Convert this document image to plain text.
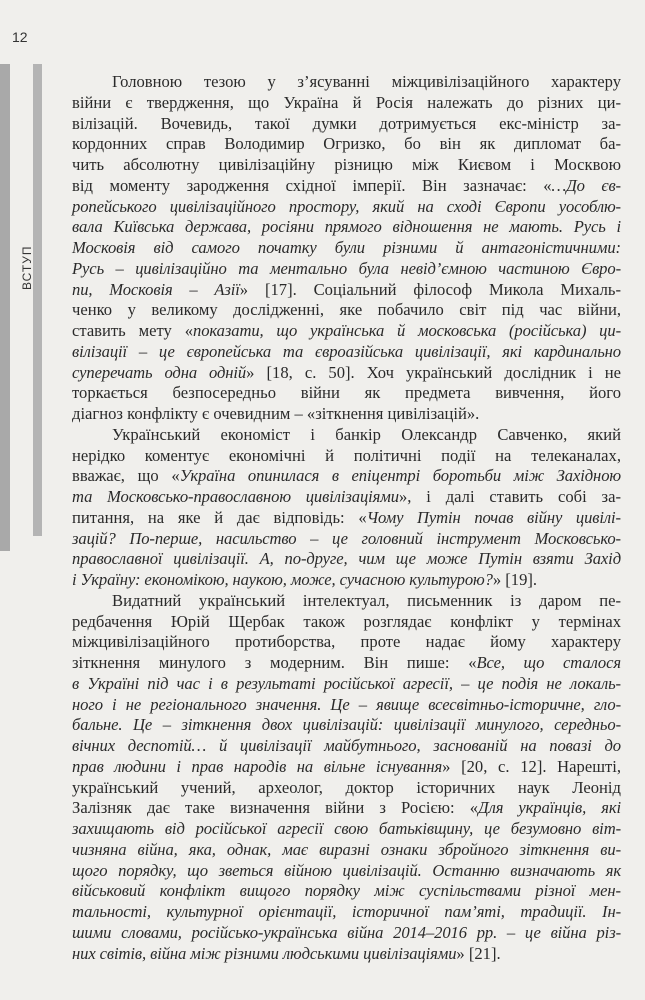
12
ВСТУП
Головною тезою у з’ясуванні міжцивілізаційного характеру
війни є твердження, що Україна й Росія належать до різних ци-
вілізацій. Вочевидь, такої думки дотримується екс-міністр за-
кордонних справ Володимир Огризко, бо він як дипломат ба-
чить абсолютну цивілізаційну різницю між Києвом і Москвою
від моменту зародження східної імперії. Він зазначає: «…До єв-
ропейського цивілізаційного простору, який на сході Європи уособлю-
вала Київська держава, росіяни прямого відношення не мають. Русь і
Московія від самого початку були різними й антагоністичними:
Русь – цивілізаційно та ментально була невід’ємною частиною Євро-
пи, Московія – Азії» [17]. Соціальний філософ Микола Михаль-
ченко у великому дослідженні, яке побачило світ під час війни,
ставить мету «показати, що українська й московська (російська) ци-
вілізації – це європейська та євроазійська цивілізації, які кардинально
суперечать одна одній» [18, с. 50]. Хоч український дослідник і не
торкається безпосередньо війни як предмета вивчення, його
діагноз конфлікту є очевидним – «зіткнення цивілізацій».
Український економіст і банкір Олександр Савченко, який
нерідко коментує економічні й політичні події на телеканалах,
вважає, що «Україна опинилася в епіцентрі боротьби між Західною
та Московсько-православною цивілізаціями», і далі ставить собі за-
питання, на яке й дає відповідь: «Чому Путін почав війну цивілі-
зацій? По-перше, насильство – це головний інструмент Московсько-
православної цивілізації. А, по-друге, чим ще може Путін взяти Захід
і Україну: економікою, наукою, може, сучасною культурою?» [19].
Видатний український інтелектуал, письменник із даром пе-
редбачення Юрій Щербак також розглядає конфлікт у термінах
міжцивілізаційного протиборства, проте надає йому характеру
зіткнення минулого з модерним. Він пише: «Все, що сталося
в Україні під час і в результаті російської агресії, – це подія не локаль-
ного і не регіонального значення. Це – явище всесвітньо-історичне, гло-
бальне. Це – зіткнення двох цивілізацій: цивілізації минулого, середньо-
вічних деспотій… й цивілізації майбутнього, заснованій на повазі до
прав людини і прав народів на вільне існування» [20, с. 12]. Нарешті,
український учений, археолог, доктор історичних наук Леонід
Залізняк дає таке визначення війни з Росією: «Для українців, які
захищають від російської агресії свою батьківщину, це безумовно віт-
чизняна війна, яка, однак, має виразні ознаки збройного зіткнення ви-
щого порядку, що зветься війною цивілізацій. Останню визначають як
військовий конфлікт вищого порядку між суспільствами різної мен-
тальності, культурної орієнтації, історичної пам’яті, традиції. Ін-
шими словами, російсько-українська війна 2014–2016 рр. – це війна різ-
них світів, війна між різними людськими цивілізаціями» [21].
